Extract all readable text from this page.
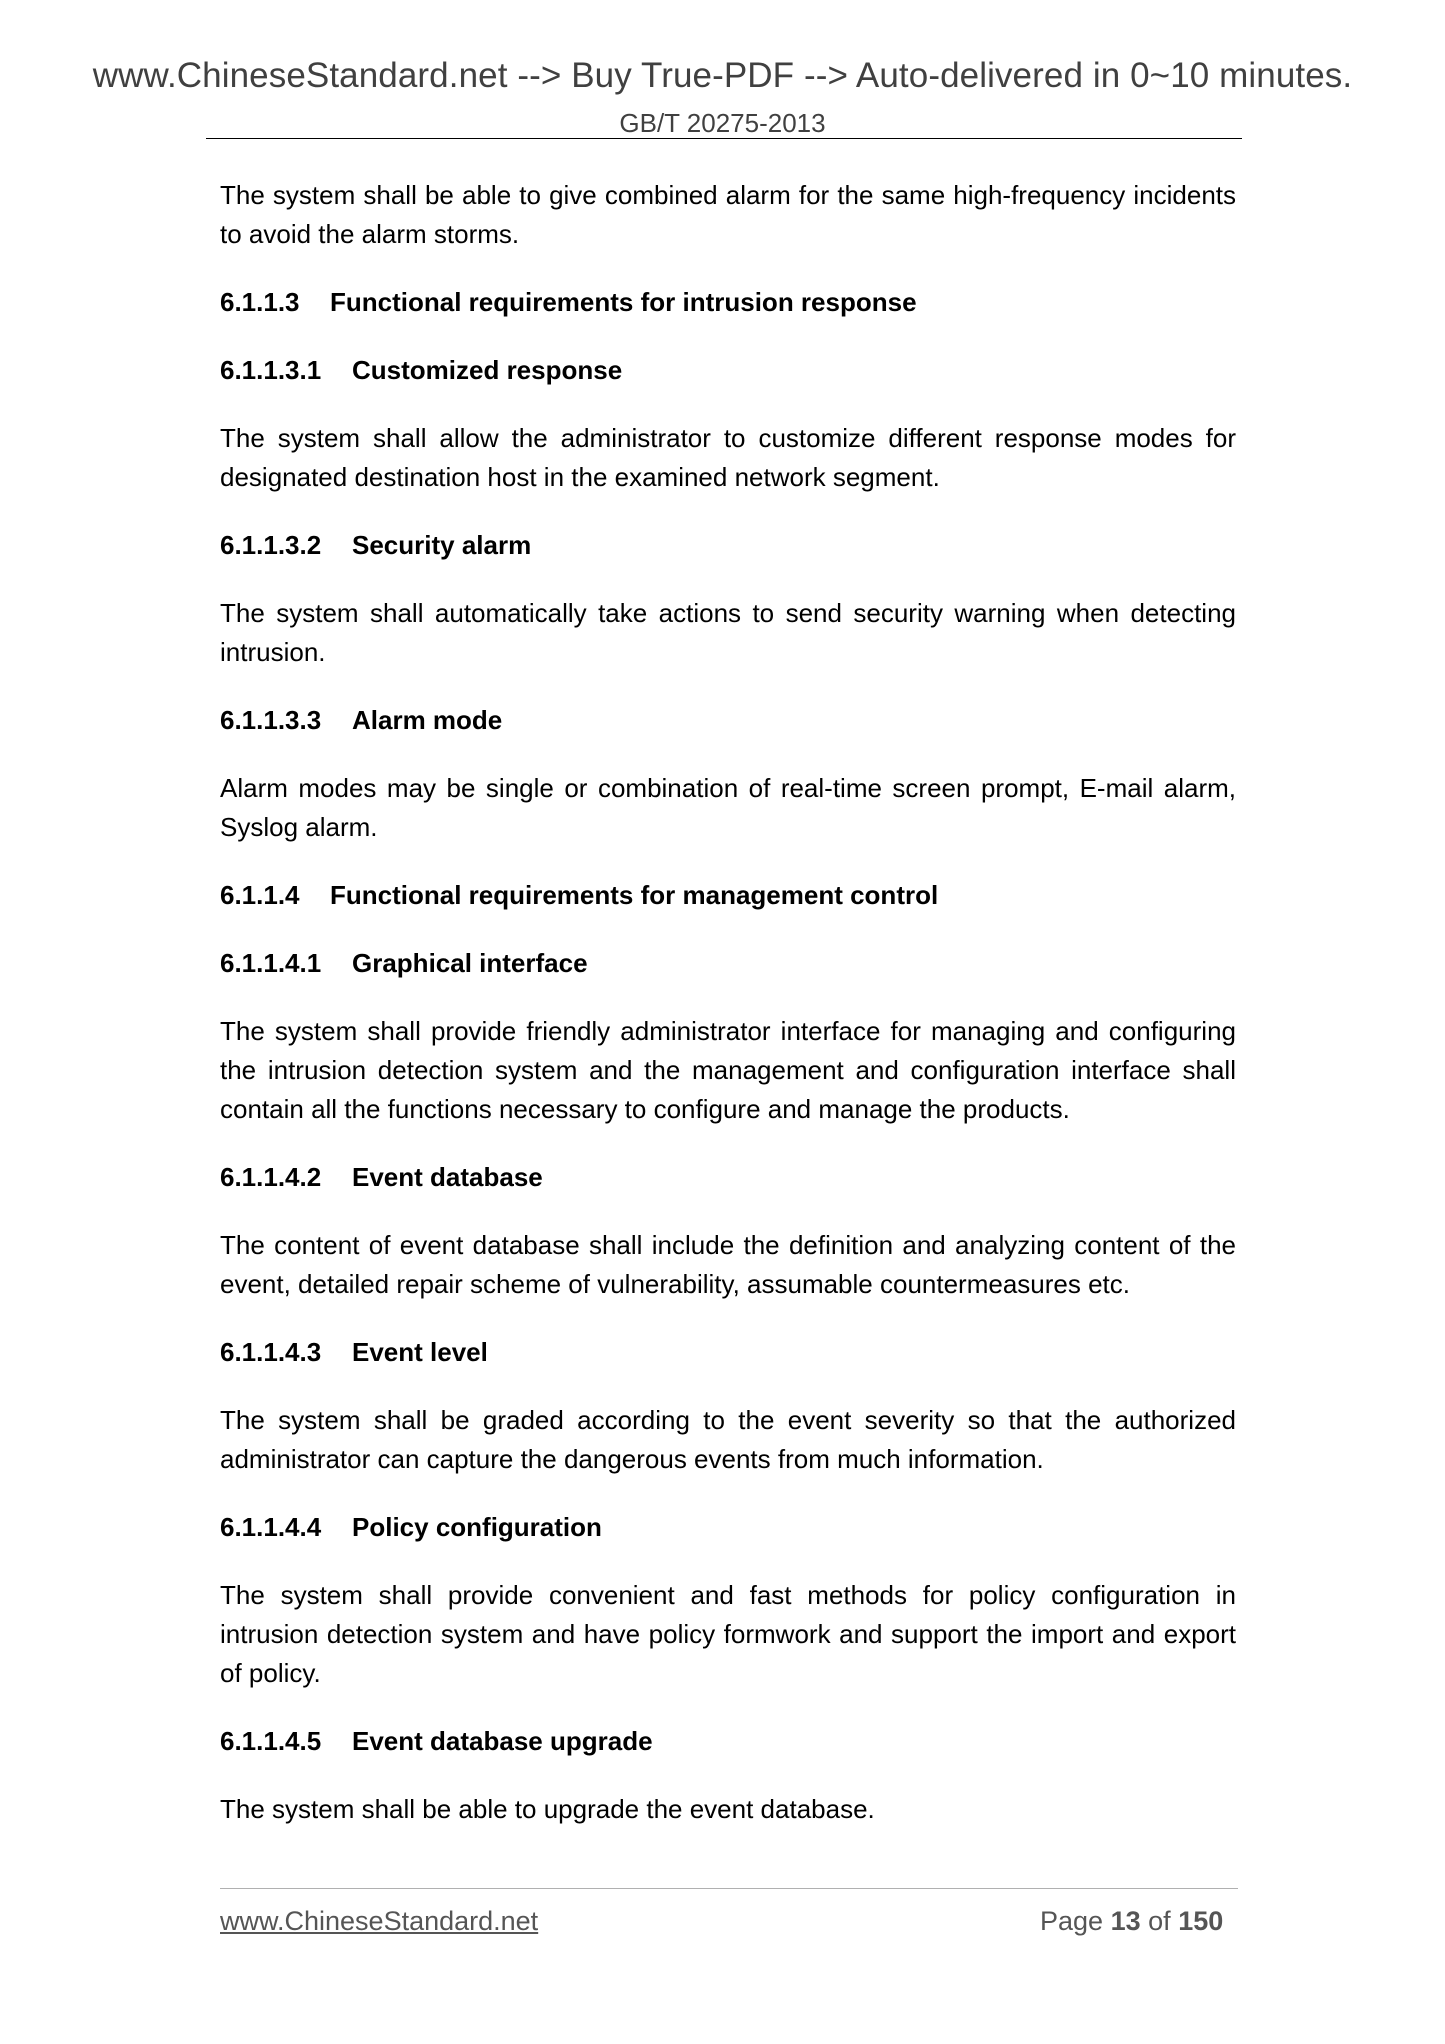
www.ChineseStandard.net --> Buy True-PDF --> Auto-delivered in 0~10 minutes.
GB/T 20275-2013

The system shall be able to give combined alarm for the same high-frequency incidents to avoid the alarm storms.

6.1.1.3 Functional requirements for intrusion response
6.1.1.3.1 Customized response

The system shall allow the administrator to customize different response modes for designated destination host in the examined network segment.

6.1.1.3.2 Security alarm

The system shall automatically take actions to send security warning when detecting intrusion.

6.1.1.3.3 Alarm mode

Alarm modes may be single or combination of real-time screen prompt, E-mail alarm, Syslog alarm.

6.1.1.4 Functional requirements for management control
6.1.1.4.1 Graphical interface

The system shall provide friendly administrator interface for managing and configuring the intrusion detection system and the management and configuration interface shall contain all the functions necessary to configure and manage the products.

6.1.1.4.2 Event database

The content of event database shall include the definition and analyzing content of the event, detailed repair scheme of vulnerability, assumable countermeasures etc.

6.1.1.4.3 Event level

The system shall be graded according to the event severity so that the authorized administrator can capture the dangerous events from much information.

6.1.1.4.4 Policy configuration

The system shall provide convenient and fast methods for policy configuration in intrusion detection system and have policy formwork and support the import and export of policy.

6.1.1.4.5 Event database upgrade

The system shall be able to upgrade the event database.

www.ChineseStandard.net	Page 13 of 150
